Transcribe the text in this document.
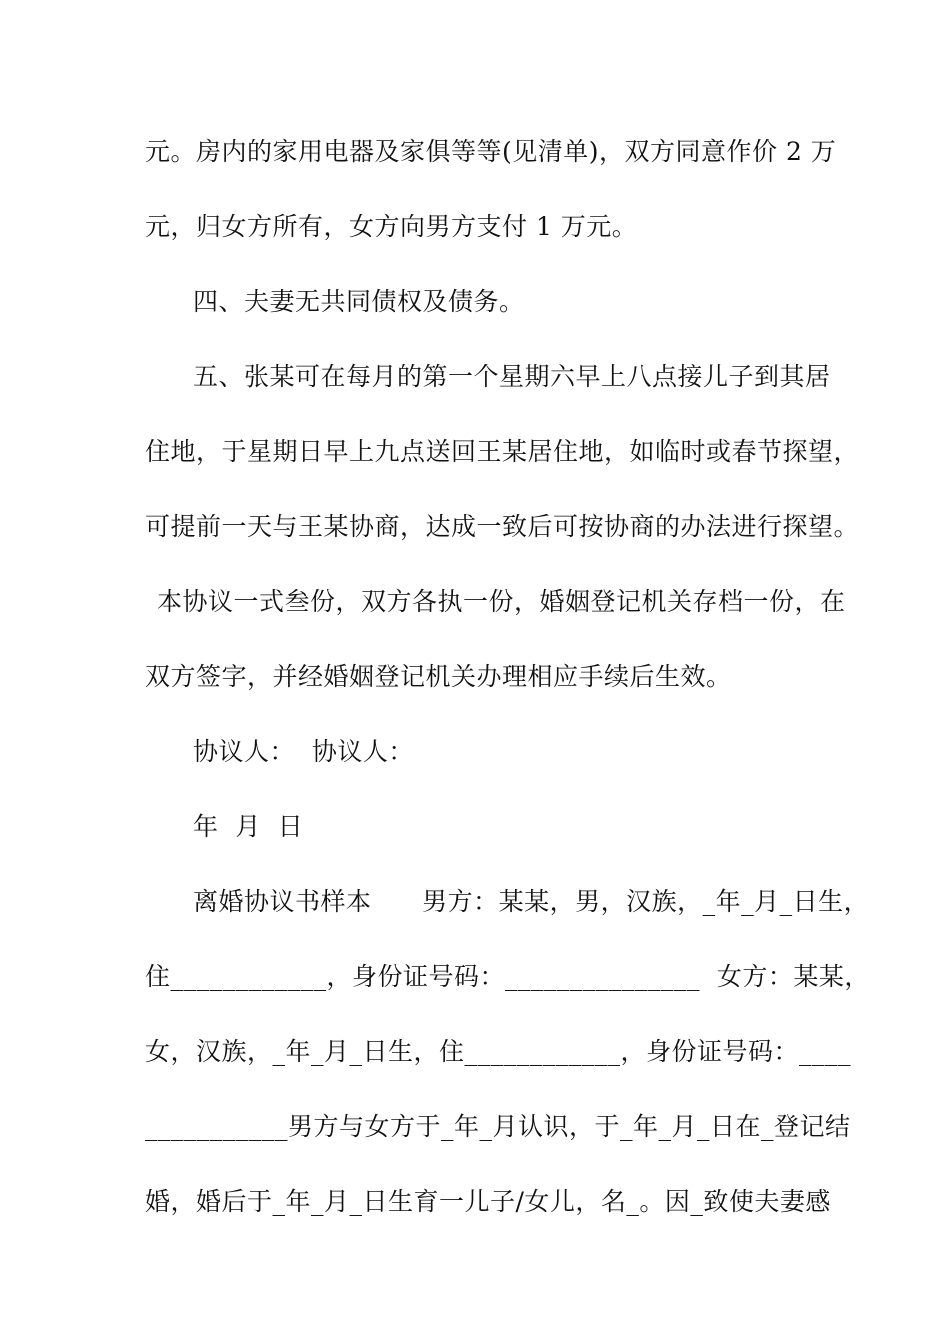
元。房内的家用电器及家俱等等(见清单)，双方同意作价 2 万
元，归女方所有，女方向男方支付 1 万元。
四、夫妻无共同债权及债务。
五、张某可在每月的第一个星期六早上八点接儿子到其居
住地，于星期日早上九点送回王某居住地，如临时或春节探望，
可提前一天与王某协商，达成一致后可按协商的办法进行探望。
本协议一式叁份，双方各执一份，婚姻登记机关存档一份，在
双方签字，并经婚姻登记机关办理相应手续后生效。
协议人：  协议人：
年  月  日
离婚协议书样本      男方：某某，男，汉族，_年_月_日生，
住____________，身份证号码：_______________  女方：某某，
女，汉族，_年_月_日生，住____________，身份证号码：____
___________男方与女方于_年_月认识，于_年_月_日在_登记结
婚，婚后于_年_月_日生育一儿子/女儿，名_。因_致使夫妻感
